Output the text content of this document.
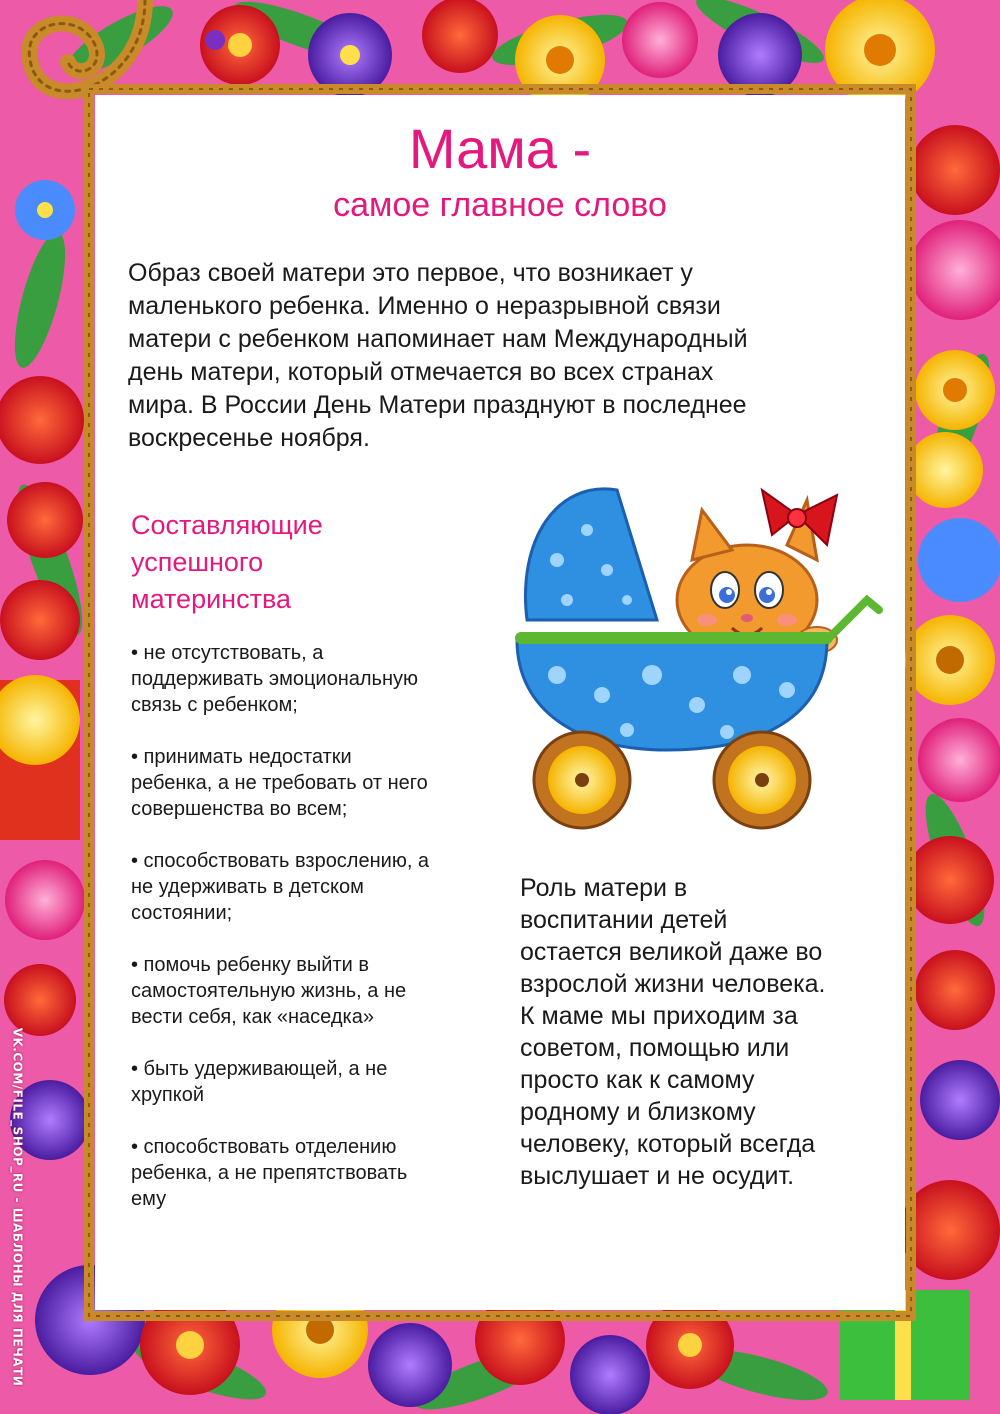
VK.COM/FILE_SHOP_RU - ШАБЛОНЫ ДЛЯ ПЕЧАТИ
Мама -
самое главное слово
Образ своей матери это первое, что возникает у
маленького ребенка. Именно о неразрывной связи
матери с ребенком напоминает нам Международный
день матери, который отмечается во всех странах
мира. В России День Матери празднуют в последнее
воскресенье ноября.
Составляющие
успешного
материнства
• не отсутствовать, а
поддерживать эмоциональную
связь с ребенком;
• принимать недостатки
ребенка, а не требовать от него
совершенства во всем;
• способствовать взрослению, а
не удерживать в детском
состоянии;
• помочь ребенку выйти в
самостоятельную жизнь, а не
вести себя, как «наседка»
• быть удерживающей, а не
хрупкой
• способствовать отделению
ребенка, а не препятствовать
ему
Роль матери в
воспитании детей
остается великой даже во
взрослой жизни человека.
К маме мы приходим за
советом, помощью или
просто как к самому
родному и близкому
человеку, который всегда
выслушает и не осудит.
